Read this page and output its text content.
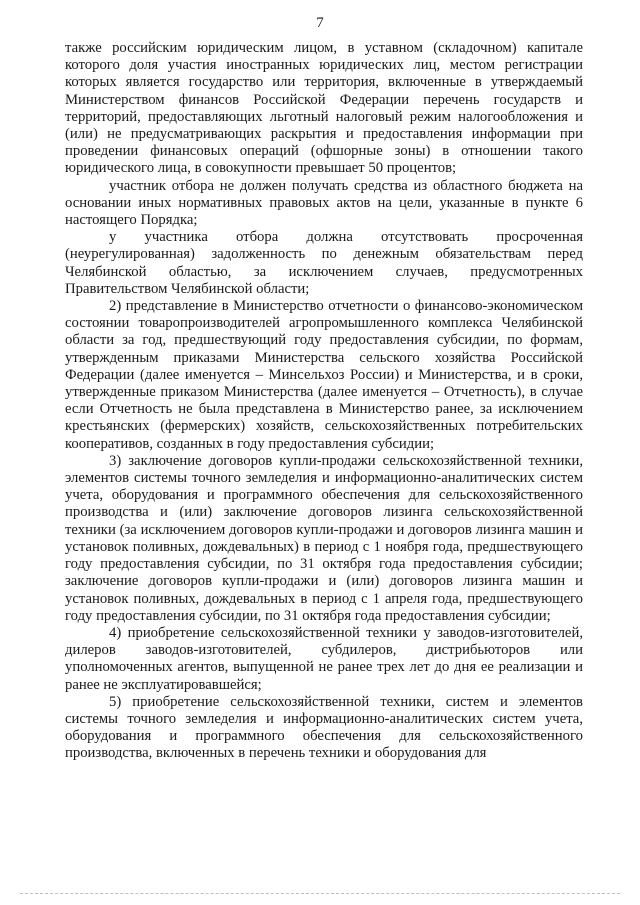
7

также российским юридическим лицом, в уставном (складочном) капитале которого доля участия иностранных юридических лиц, местом регистрации которых является государство или территория, включенные в утверждаемый Министерством финансов Российской Федерации перечень государств и территорий, предоставляющих льготный налоговый режим налогообложения и (или) не предусматривающих раскрытия и предоставления информации при проведении финансовых операций (офшорные зоны) в отношении такого юридического лица, в совокупности превышает 50 процентов;

участник отбора не должен получать средства из областного бюджета на основании иных нормативных правовых актов на цели, указанные в пункте 6 настоящего Порядка;

у участника отбора должна отсутствовать просроченная (неурегулированная) задолженность по денежным обязательствам перед Челябинской областью, за исключением случаев, предусмотренных Правительством Челябинской области;

2) представление в Министерство отчетности о финансово-экономическом состоянии товаропроизводителей агропромышленного комплекса Челябинской области за год, предшествующий году предоставления субсидии, по формам, утвержденным приказами Министерства сельского хозяйства Российской Федерации (далее именуется – Минсельхоз России) и Министерства, и в сроки, утвержденные приказом Министерства (далее именуется – Отчетность), в случае если Отчетность не была представлена в Министерство ранее, за исключением крестьянских (фермерских) хозяйств, сельскохозяйственных потребительских кооперативов, созданных в году предоставления субсидии;

3) заключение договоров купли-продажи сельскохозяйственной техники, элементов системы точного земледелия и информационно-аналитических систем учета, оборудования и программного обеспечения для сельскохозяйственного производства и (или) заключение договоров лизинга сельскохозяйственной техники (за исключением договоров купли-продажи и договоров лизинга машин и установок поливных, дождевальных) в период с 1 ноября года, предшествующего году предоставления субсидии, по 31 октября года предоставления субсидии; заключение договоров купли-продажи и (или) договоров лизинга машин и установок поливных, дождевальных в период с 1 апреля года, предшествующего году предоставления субсидии, по 31 октября года предоставления субсидии;

4) приобретение сельскохозяйственной техники у заводов-изготовителей, дилеров заводов-изготовителей, субдилеров, дистрибьюторов или уполномоченных агентов, выпущенной не ранее трех лет до дня ее реализации и ранее не эксплуатировавшейся;

5) приобретение сельскохозяйственной техники, систем и элементов системы точного земледелия и информационно-аналитических систем учета, оборудования и программного обеспечения для сельскохозяйственного производства, включенных в перечень техники и оборудования для
